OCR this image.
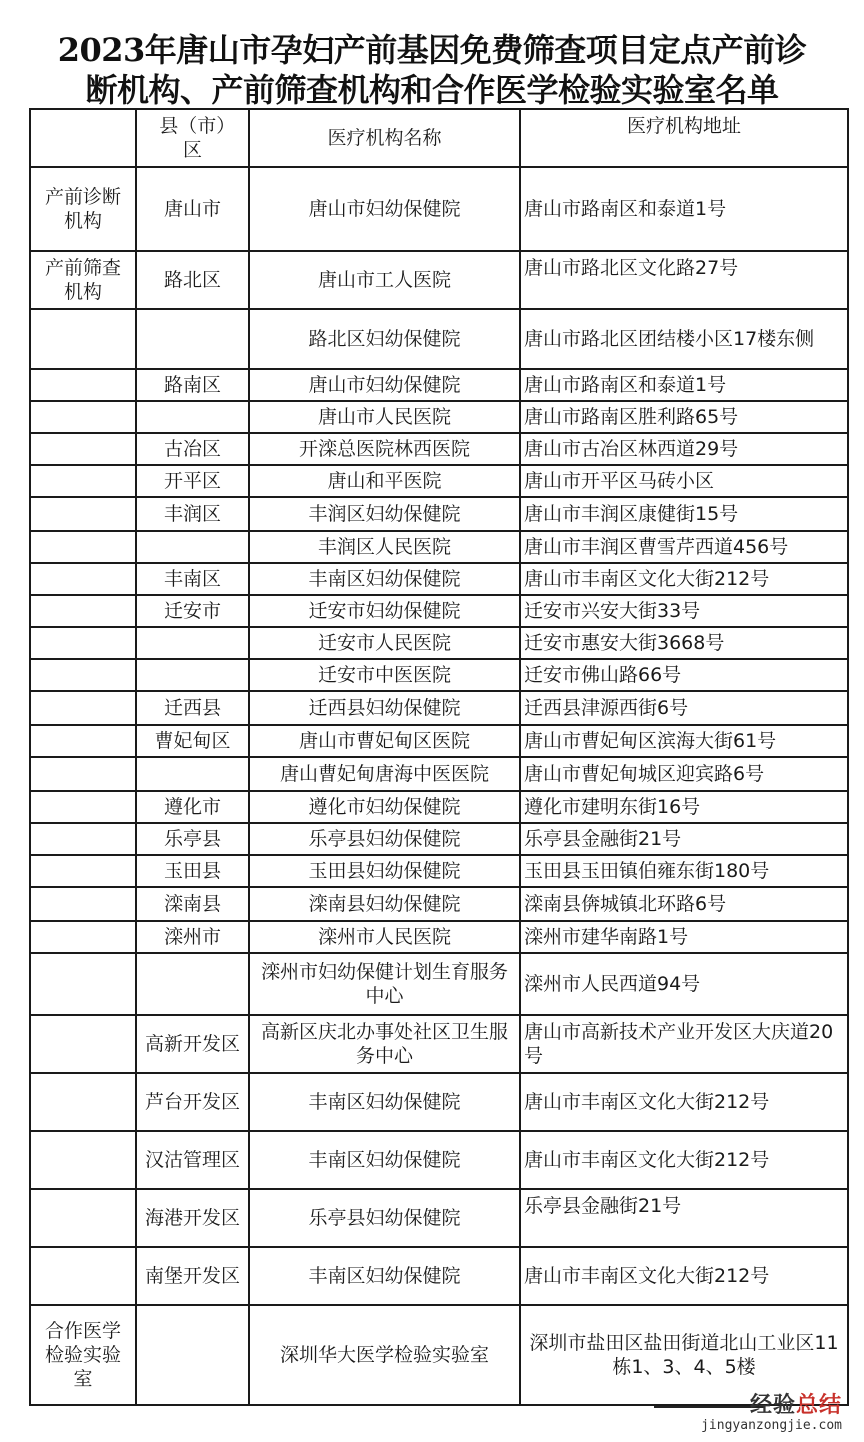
2023年唐山市孕妇产前基因免费筛查项目定点产前诊
断机构、产前筛查机构和合作医学检验实验室名单
	县（市）区	医疗机构名称	医疗机构地址
产前诊断机构	唐山市	唐山市妇幼保健院	唐山市路南区和泰道1号
产前筛查机构	路北区	唐山市工人医院	唐山市路北区文化路27号
		路北区妇幼保健院	唐山市路北区团结楼小区17楼东侧
	路南区	唐山市妇幼保健院	唐山市路南区和泰道1号
		唐山市人民医院	唐山市路南区胜利路65号
	古冶区	开滦总医院林西医院	唐山市古冶区林西道29号
	开平区	唐山和平医院	唐山市开平区马砖小区
	丰润区	丰润区妇幼保健院	唐山市丰润区康健街15号
		丰润区人民医院	唐山市丰润区曹雪芹西道456号
	丰南区	丰南区妇幼保健院	唐山市丰南区文化大街212号
	迁安市	迁安市妇幼保健院	迁安市兴安大街33号
		迁安市人民医院	迁安市惠安大街3668号
		迁安市中医医院	迁安市佛山路66号
	迁西县	迁西县妇幼保健院	迁西县津源西街6号
	曹妃甸区	唐山市曹妃甸区医院	唐山市曹妃甸区滨海大街61号
		唐山曹妃甸唐海中医医院	唐山市曹妃甸城区迎宾路6号
	遵化市	遵化市妇幼保健院	遵化市建明东街16号
	乐亭县	乐亭县妇幼保健院	乐亭县金融街21号
	玉田县	玉田县妇幼保健院	玉田县玉田镇伯雍东街180号
	滦南县	滦南县妇幼保健院	滦南县倴城镇北环路6号
	滦州市	滦州市人民医院	滦州市建华南路1号
		滦州市妇幼保健计划生育服务中心	滦州市人民西道94号
	高新开发区	高新区庆北办事处社区卫生服务中心	唐山市高新技术产业开发区大庆道20号
	芦台开发区	丰南区妇幼保健院	唐山市丰南区文化大街212号
	汉沽管理区	丰南区妇幼保健院	唐山市丰南区文化大街212号
	海港开发区	乐亭县妇幼保健院	乐亭县金融街21号
	南堡开发区	丰南区妇幼保健院	唐山市丰南区文化大街212号
合作医学检验实验室		深圳华大医学检验实验室	深圳市盐田区盐田街道北山工业区11栋1、3、4、5楼
经验总结
jingyanzongjie.com
